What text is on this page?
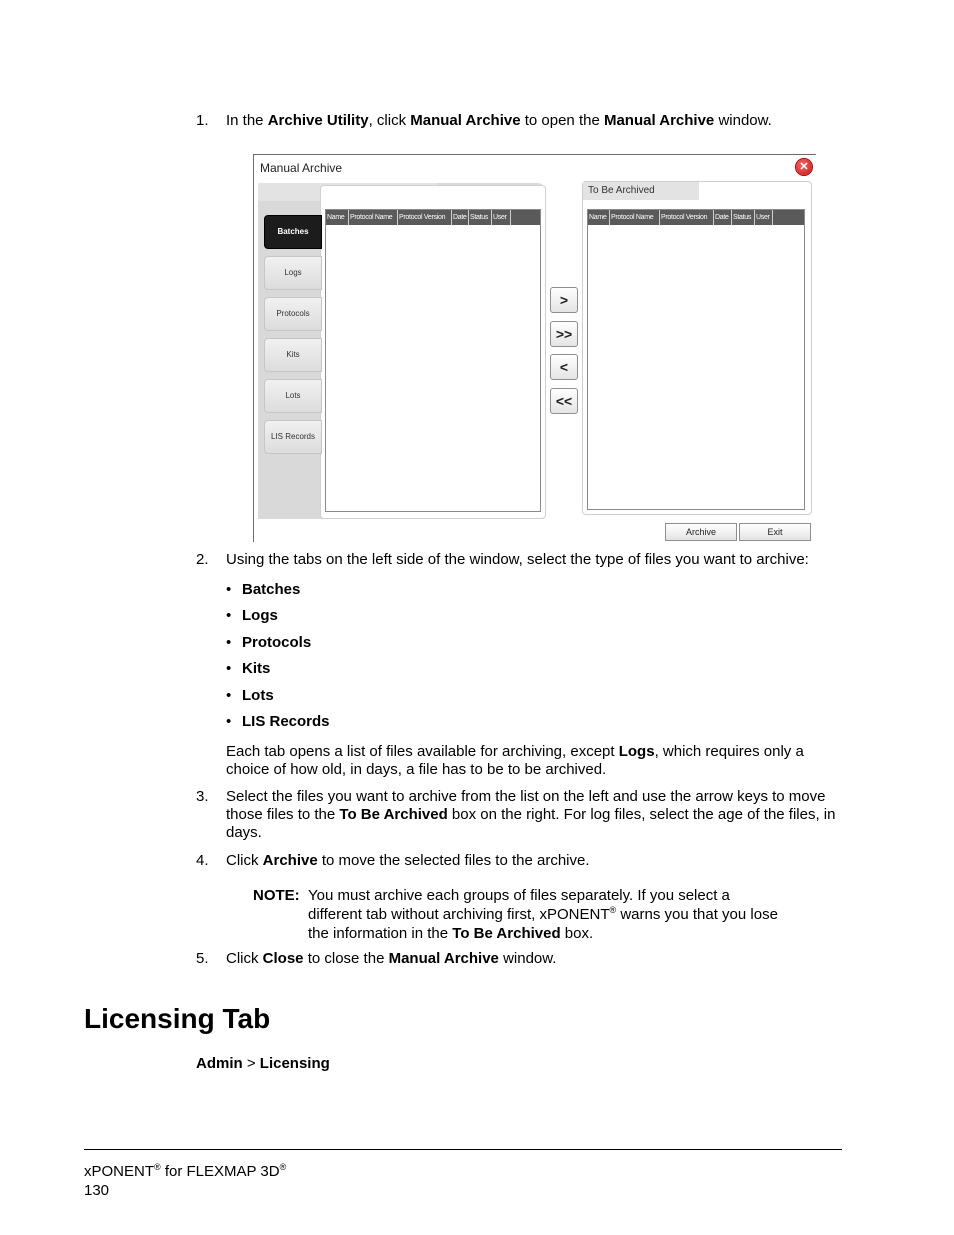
1. In the Archive Utility, click Manual Archive to open the Manual Archive window.
Manual Archive	✕
Name Protocol Name Protocol Version	Date Status User
Batches
Logs
Protocols
Kits
Lots
LIS Records
>
>>
<
<<
To Be Archived
Name Protocol Name	Protocol Version	Date Status User
Archive	Exit
2. Using the tabs on the left side of the window, select the type of files you want to archive:
• Batches
• Logs
• Protocols
• Kits
• Lots
• LIS Records
Each tab opens a list of files available for archiving, except Logs, which requires only a choice of how old, in days, a file has to be to be archived.
3. Select the files you want to archive from the list on the left and use the arrow keys to move those files to the To Be Archived box on the right. For log files, select the age of the files, in days.
4. Click Archive to move the selected files to the archive.
NOTE: You must archive each groups of files separately. If you select a different tab without archiving first, xPONENT® warns you that you lose the information in the To Be Archived box.
5. Click Close to close the Manual Archive window.
Licensing Tab
Admin > Licensing
xPONENT® for FLEXMAP 3D®
130
